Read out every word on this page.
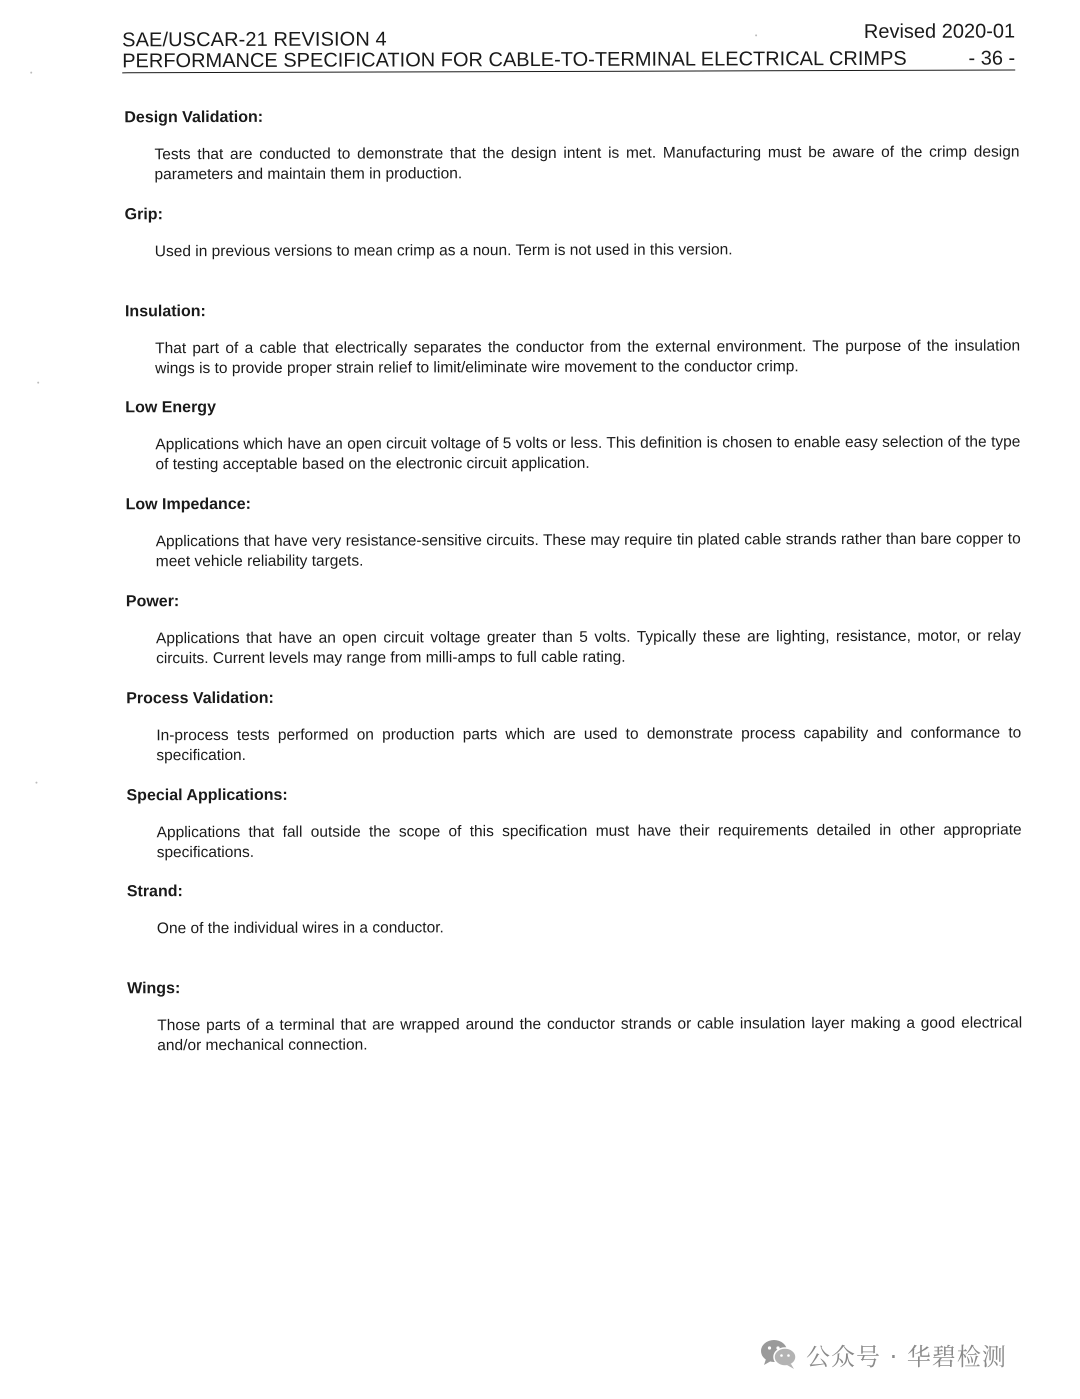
SAE/USCAR-21 REVISION 4	Revised 2020-01
PERFORMANCE SPECIFICATION FOR CABLE-TO-TERMINAL ELECTRICAL CRIMPS	- 36 -
Design Validation:
Tests that are conducted to demonstrate that the design intent is met. Manufacturing must be aware of the crimp design parameters and maintain them in production.
Grip:
Used in previous versions to mean crimp as a noun. Term is not used in this version.
Insulation:
That part of a cable that electrically separates the conductor from the external environment. The purpose of the insulation wings is to provide proper strain relief to limit/eliminate wire movement to the conductor crimp.
Low Energy
Applications which have an open circuit voltage of 5 volts or less. This definition is chosen to enable easy selection of the type of testing acceptable based on the electronic circuit application.
Low Impedance:
Applications that have very resistance-sensitive circuits. These may require tin plated cable strands rather than bare copper to meet vehicle reliability targets.
Power:
Applications that have an open circuit voltage greater than 5 volts. Typically these are lighting, resistance, motor, or relay circuits. Current levels may range from milli-amps to full cable rating.
Process Validation:
In-process tests performed on production parts which are used to demonstrate process capability and conformance to specification.
Special Applications:
Applications that fall outside the scope of this specification must have their requirements detailed in other appropriate specifications.
Strand:
One of the individual wires in a conductor.
Wings:
Those parts of a terminal that are wrapped around the conductor strands or cable insulation layer making a good electrical and/or mechanical connection.
公众号 · 华碧检测
